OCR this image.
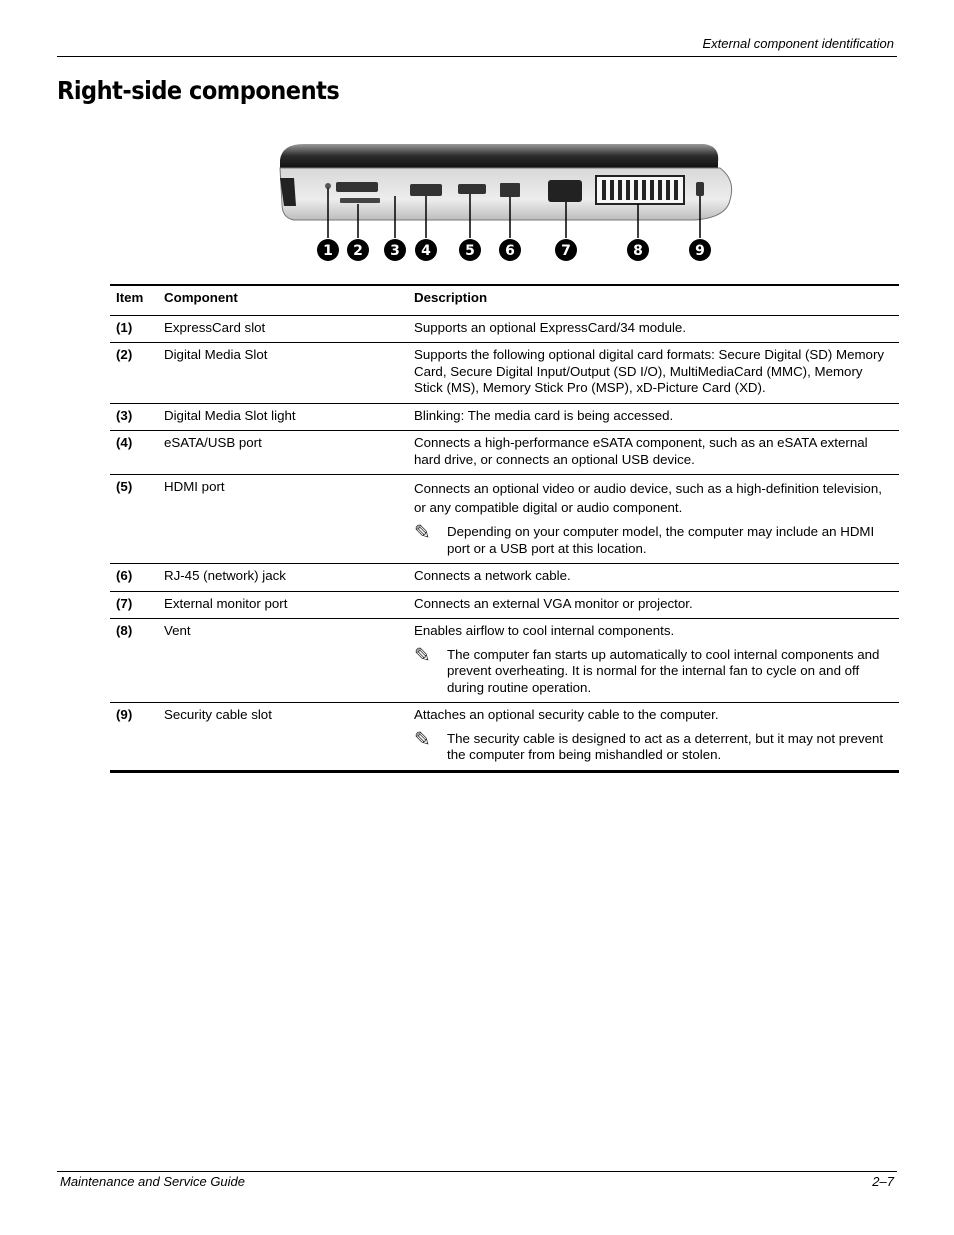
External component identification
Right-side components
1 2 3 4 5 6	7	8	9
Item	Component	Description
(1)	ExpressCard slot	Supports an optional ExpressCard/34 module.
(2)	Digital Media Slot	Supports the following optional digital card formats: Secure Digital (SD) Memory Card, Secure Digital Input/Output (SD I/O), MultiMediaCard (MMC), Memory Stick (MS), Memory Stick Pro (MSP), xD-Picture Card (XD).
(3)	Digital Media Slot light	Blinking: The media card is being accessed.
(4)	eSATA/USB port	Connects a high-performance eSATA component, such as an eSATA external hard drive, or connects an optional USB device.
(5)	HDMI port	Connects an optional video or audio device, such as a high-definition television, or any compatible digital or audio component.
✎ Depending on your computer model, the computer may include an HDMI port or a USB port at this location.

(6)	RJ-45 (network) jack	Connects a network cable.
(7)	External monitor port	Connects an external VGA monitor or projector.
(8)	Vent	Enables airflow to cool internal components.
✎ The computer fan starts up automatically to cool internal components and prevent overheating. It is normal for the internal fan to cycle on and off during routine operation.

(9)	Security cable slot	Attaches an optional security cable to the computer.
✎ The security cable is designed to act as a deterrent, but it may not prevent the computer from being mishandled or stolen.
Maintenance and Service Guide	2–7
